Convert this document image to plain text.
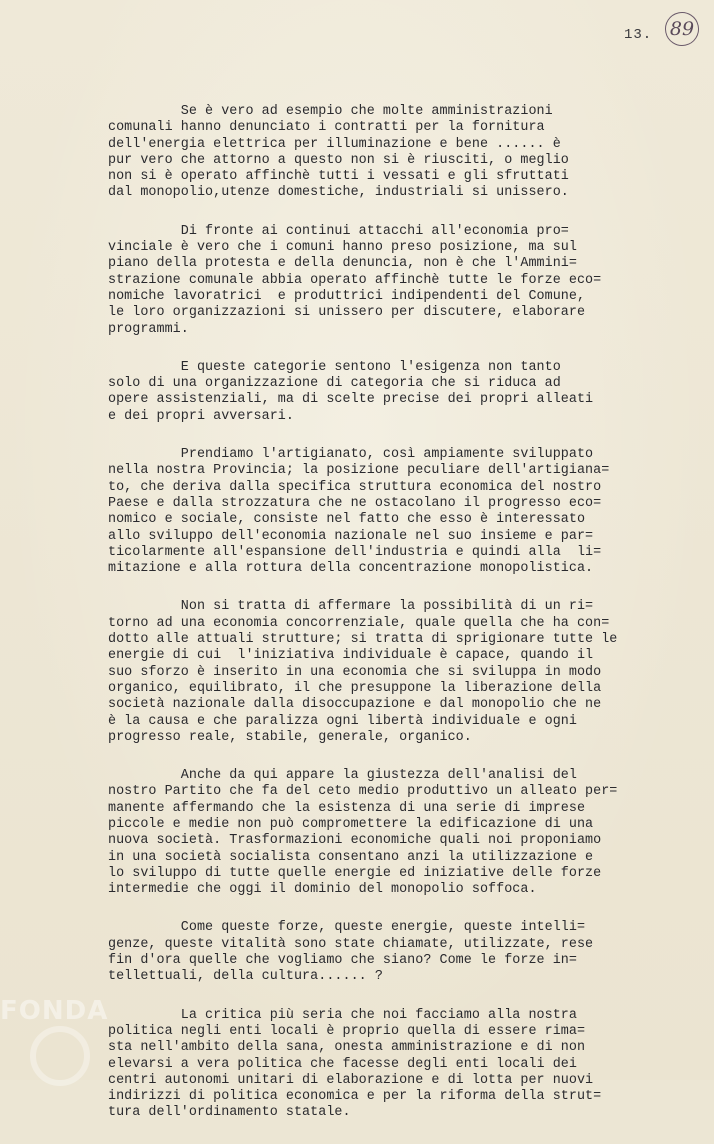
13. 89
Se è vero ad esempio che molte amministrazioni
comunali hanno denunciato i contratti per la fornitura
dell'energia elettrica per illuminazione e bene ...... è
pur vero che attorno a questo non si è riusciti, o meglio
non si è operato affinchè tutti i vessati e gli sfruttati
dal monopolio,utenze domestiche, industriali si unissero.
Di fronte ai continui attacchi all'economia pro=
vinciale è vero che i comuni hanno preso posizione, ma sul
piano della protesta e della denuncia, non è che l'Ammini=
strazione comunale abbia operato affinchè tutte le forze eco=
nomiche lavoratrici  e produttrici indipendenti del Comune,
le loro organizzazioni si unissero per discutere, elaborare
programmi.
E queste categorie sentono l'esigenza non tanto
solo di una organizzazione di categoria che si riduca ad
opere assistenziali, ma di scelte precise dei propri alleati
e dei propri avversari.
Prendiamo l'artigianato, così ampiamente sviluppato
nella nostra Provincia; la posizione peculiare dell'artigiana=
to, che deriva dalla specifica struttura economica del nostro
Paese e dalla strozzatura che ne ostacolano il progresso eco=
nomico e sociale, consiste nel fatto che esso è interessato
allo sviluppo dell'economia nazionale nel suo insieme e par=
ticolarmente all'espansione dell'industria e quindi alla  li=
mitazione e alla rottura della concentrazione monopolistica.
Non si tratta di affermare la possibilità di un ri=
torno ad una economia concorrenziale, quale quella che ha con=
dotto alle attuali strutture; si tratta di sprigionare tutte le
energie di cui  l'iniziativa individuale è capace, quando il
suo sforzo è inserito in una economia che si sviluppa in modo
organico, equilibrato, il che presuppone la liberazione della
società nazionale dalla disoccupazione e dal monopolio che ne
è la causa e che paralizza ogni libertà individuale e ogni
progresso reale, stabile, generale, organico.
Anche da qui appare la giustezza dell'analisi del
nostro Partito che fa del ceto medio produttivo un alleato per=
manente affermando che la esistenza di una serie di imprese
piccole e medie non può compromettere la edificazione di una
nuova società. Trasformazioni economiche quali noi proponiamo
in una società socialista consentano anzi la utilizzazione e
lo sviluppo di tutte quelle energie ed iniziative delle forze
intermedie che oggi il dominio del monopolio soffoca.
Come queste forze, queste energie, queste intelli=
genze, queste vitalità sono state chiamate, utilizzate, rese
fin d'ora quelle che vogliamo che siano? Come le forze in=
tellettuali, della cultura...... ?
La critica più seria che noi facciamo alla nostra
politica negli enti locali è proprio quella di essere rima=
sta nell'ambito della sana, onesta amministrazione e di non
elevarsi a vera politica che facesse degli enti locali dei
centri autonomi unitari di elaborazione e di lotta per nuovi
indirizzi di politica economica e per la riforma della strut=
tura dell'ordinamento statale.
FONDA
